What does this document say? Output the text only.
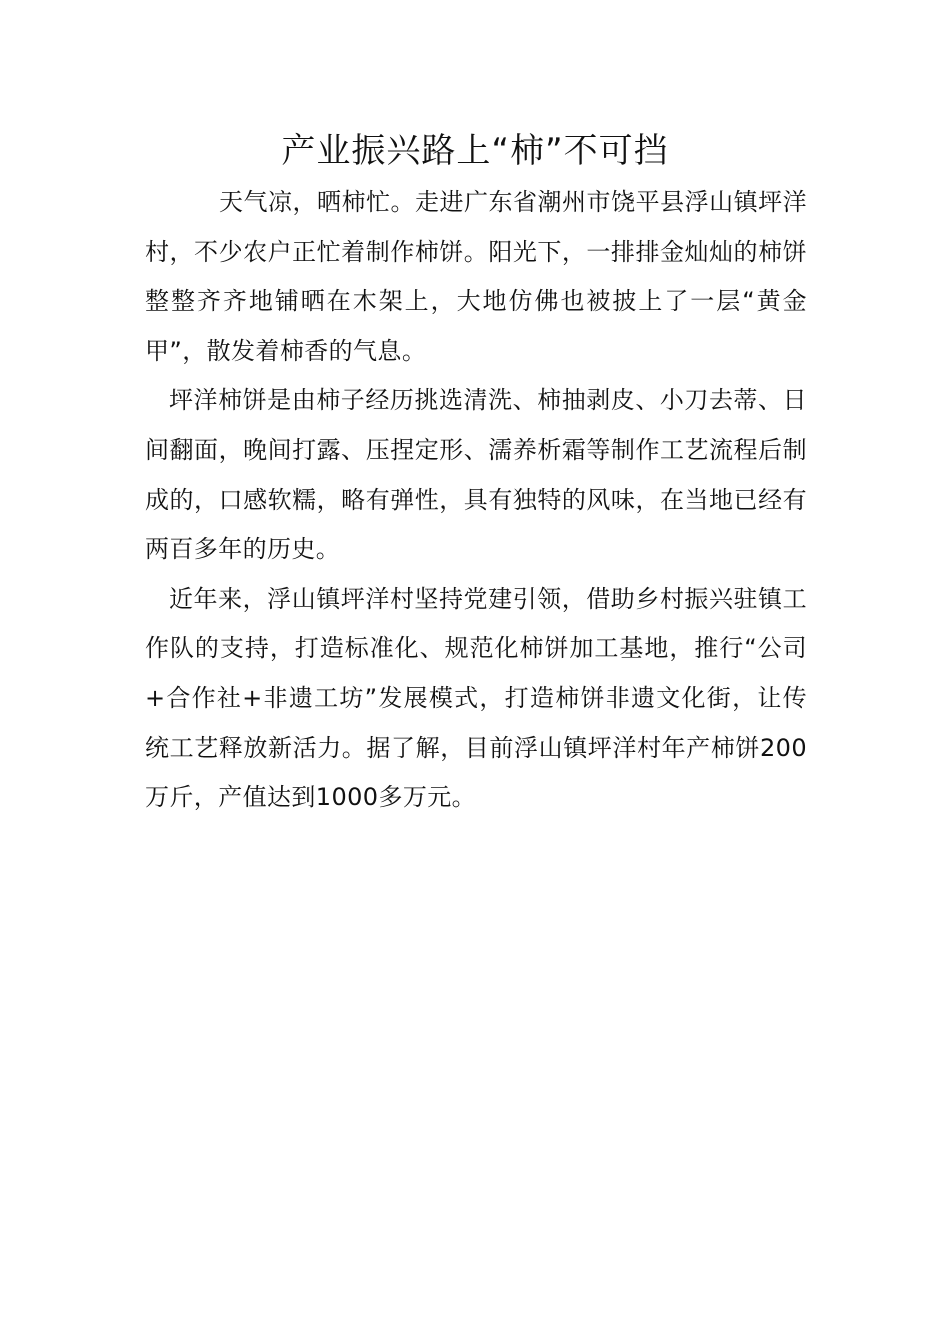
产业振兴路上“柿”不可挡

天气凉，晒柿忙。走进广东省潮州市饶平县浮山镇坪洋村，不少农户正忙着制作柿饼。阳光下，一排排金灿灿的柿饼整整齐齐地铺晒在木架上，大地仿佛也被披上了一层“黄金甲”，散发着柿香的气息。

坪洋柿饼是由柿子经历挑选清洗、柿抽剥皮、小刀去蒂、日间翻面，晚间打露、压捏定形、濡养析霜等制作工艺流程后制成的，口感软糯，略有弹性，具有独特的风味，在当地已经有两百多年的历史。

近年来，浮山镇坪洋村坚持党建引领，借助乡村振兴驻镇工作队的支持，打造标准化、规范化柿饼加工基地，推行“公司+合作社+非遗工坊”发展模式，打造柿饼非遗文化街，让传统工艺释放新活力。据了解，目前浮山镇坪洋村年产柿饼200万斤，产值达到1000多万元。
